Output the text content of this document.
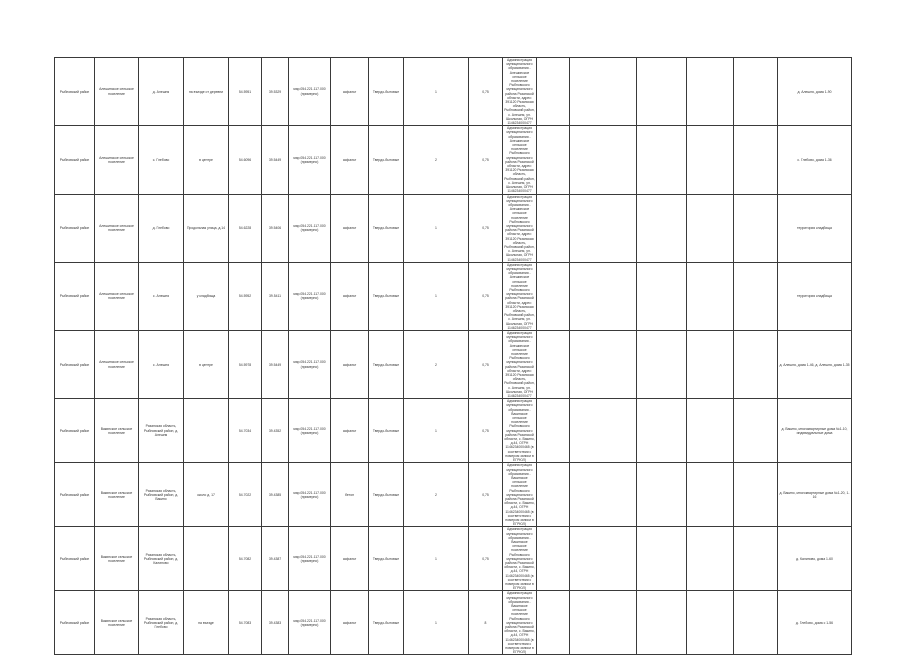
Рыбновский район	Алешинское сельское поселение	д. Алешня	на въезде от деревни	54.5951	39.5329	мар.054.221.117.000 (примерно)	асфальт	Твердо-бытовые	1	0,75	Администрация муниципального образования - Алешинское сельское поселение Рыбновского муниципального района Рязанской области, адрес: 391120 Рязанская область, Рыбновский район, с. Алешня, ул. Школьная, ОГРН 1146234000477						д. Алешня, дома 1-90
Рыбновский район	Алешинское сельское поселение	с. Глебово	в центре	54.6096	39.5449	мар.054.221.117.000 (примерно)	асфальт	Твердо-бытовые	2	0,75	Администрация муниципального образования - Алешинское сельское поселение Рыбновского муниципального района Рязанской области, адрес: 391120 Рязанская область, Рыбновский район, с. Алешня, ул. Школьная, ОГРН 1146234000477						с. Глебово, дома 1-36
Рыбновский район	Алешинское сельское поселение	д. Глебово	Продольная улица, д.14	54.6228	39.5406	мар.054.221.117.000 (примерно)	асфальт	Твердо-бытовые	1	0,75	Администрация муниципального образования - Алешинское сельское поселение Рыбновского муниципального района Рязанской области, адрес: 391120 Рязанская область, Рыбновский район, с. Алешня, ул. Школьная, ОГРН 1146234000477						территория кладбища
Рыбновский район	Алешинское сельское поселение	с. Алешня	у кладбища	54.5952	39.5411	мар.054.221.117.000 (примерно)	асфальт	Твердо-бытовые	1	0,75	Администрация муниципального образования - Алешинское сельское поселение Рыбновского муниципального района Рязанской области, адрес: 391120 Рязанская область, Рыбновский район, с. Алешня, ул. Школьная, ОГРН 1146234000477						территория кладбища
Рыбновский район	Алешинское сельское поселение	с. Алешня	в центре	54.5978	39.5449	мар.054.221.117.000 (примерно)	асфальт	Твердо-бытовые	2	0,75	Администрация муниципального образования - Алешинское сельское поселение Рыбновского муниципального района Рязанской области, адрес: 391120 Рязанская область, Рыбновский район, с. Алешня, ул. Школьная, ОГРН 1146234000477						д. Алешня, дома 1-46, д. Алешня, дома 1-35
Рыбновский район	Вакинское сельское поселение	Рязанская область, Рыбновский район, д. Алешня		54.7034	39.4352	мар.054.221.117.000 (примерно)	асфальт	Твердо-бытовые	1	0,75	Администрация муниципального образования - Вакинское сельское поселение Рыбновского муниципального района Рязанской области, с. Вакино, д.44, ОГРН 1146234000465 (в соответствии с номером записи в ЕГРЮЛ)						д. Вакино, многоквартирные дома №1-10, индивидуальные дома
Рыбновский район	Вакинское сельское поселение	Рязанская область, Рыбновский район, д. Вакино	около д. 17	54.7022	39.4385	мар.054.221.117.000 (примерно)	бетон	Твердо-бытовые	2	0,75	Администрация муниципального образования - Вакинское сельское поселение Рыбновского муниципального района Рязанской области, с. Вакино, д.44, ОГРН 1146234000465 (в соответствии с номером записи в ЕГРЮЛ)						д. Вакино, многоквартирные дома №1-20, 1-16
Рыбновский район	Вакинское сельское поселение	Рязанская область, Рыбновский район, д. Калиново		54.7082	39.4387	мар.054.221.117.000 (примерно)	асфальт	Твердо-бытовые	1	0,75	Администрация муниципального образования - Вакинское сельское поселение Рыбновского муниципального района Рязанской области, с. Вакино, д.44, ОГРН 1146234000465 (в соответствии с номером записи в ЕГРЮЛ)						д. Калиново, дома 1-60
Рыбновский район	Вакинское сельское поселение	Рязанская область, Рыбновский район, д. Глебово	на въезде	54.7083	39.4383	мар.054.221.117.000 (примерно)	асфальт	Твердо-бытовые	1	8	Администрация муниципального образования - Вакинское сельское поселение Рыбновского муниципального района Рязанской области, с. Вакино, д.44, ОГРН 1146234000465 (в соответствии с номером записи в ЕГРЮЛ)						д. Глебово, дома с 1-56
